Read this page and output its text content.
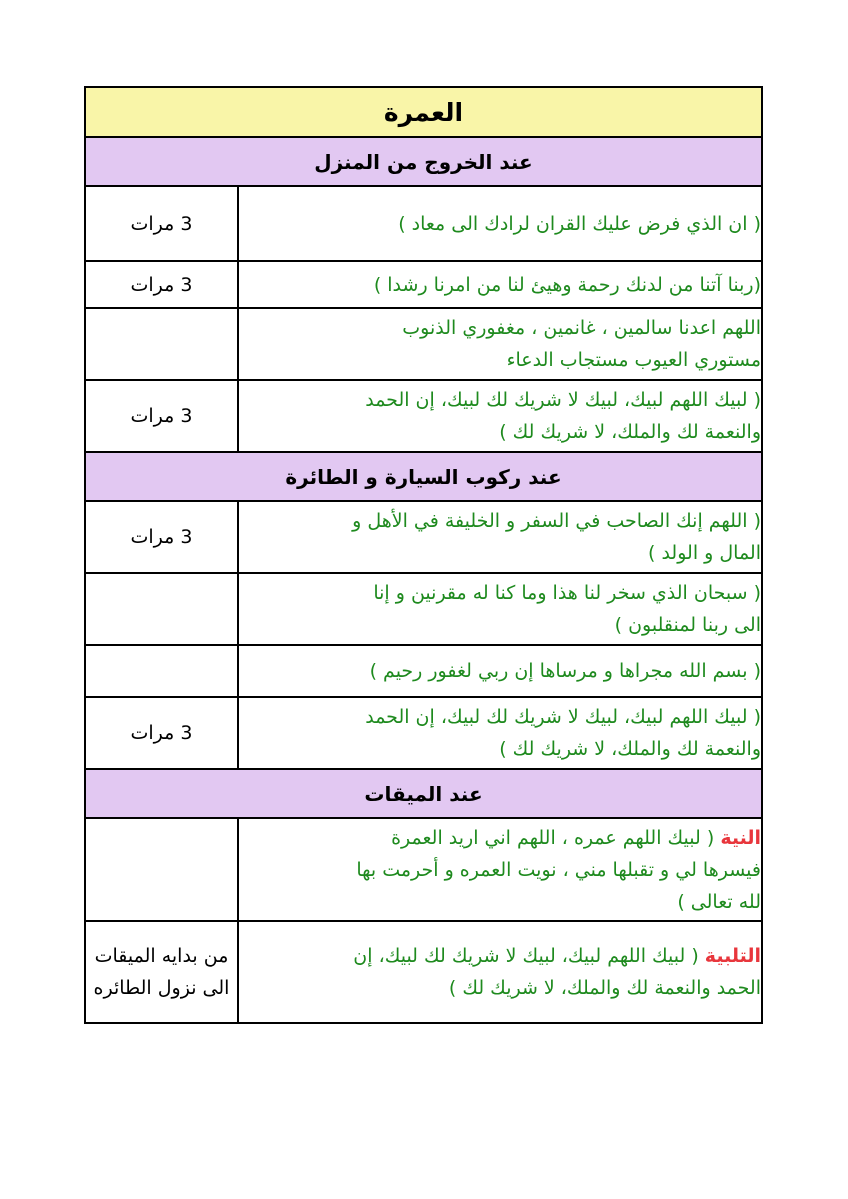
العمرة	
عند الخروج من المنزل	

( ان الذي فرض عليك القران لرادك الى معاد )	3 مرات

(ربنا آتنا من لدنك رحمة وهيئ لنا من امرنا رشدا )	3 مرات

اللهم اعدنا سالمين ، غانمين ، مغفوري الذنوب
مستوري العيوب مستجاب الدعاء	

( لبيك اللهم لبيك، لبيك لا شريك لك لبيك، إن الحمد
والنعمة لك والملك، لا شريك لك )	3 مرات
عند ركوب السيارة و الطائرة	

( اللهم إنك الصاحب في السفر و الخليفة في الأهل و
المال و الولد )	3 مرات

( سبحان الذي سخر لنا هذا وما كنا له مقرنين و إنا
الى ربنا لمنقلبون )	

( بسم الله مجراها و مرساها إن ربي لغفور رحيم )	

( لبيك اللهم لبيك، لبيك لا شريك لك لبيك، إن الحمد
والنعمة لك والملك، لا شريك لك )	3 مرات
عند الميقات	

النية ( لبيك اللهم عمره ، اللهم اني اريد العمرة
فيسرها لي و تقبلها مني ، نويت العمره و أحرمت بها
لله تعالى )	

التلبية ( لبيك اللهم لبيك، لبيك لا شريك لك لبيك، إن
الحمد والنعمة لك والملك، لا شريك لك )	من بدايه الميقات الى نزول الطائره
